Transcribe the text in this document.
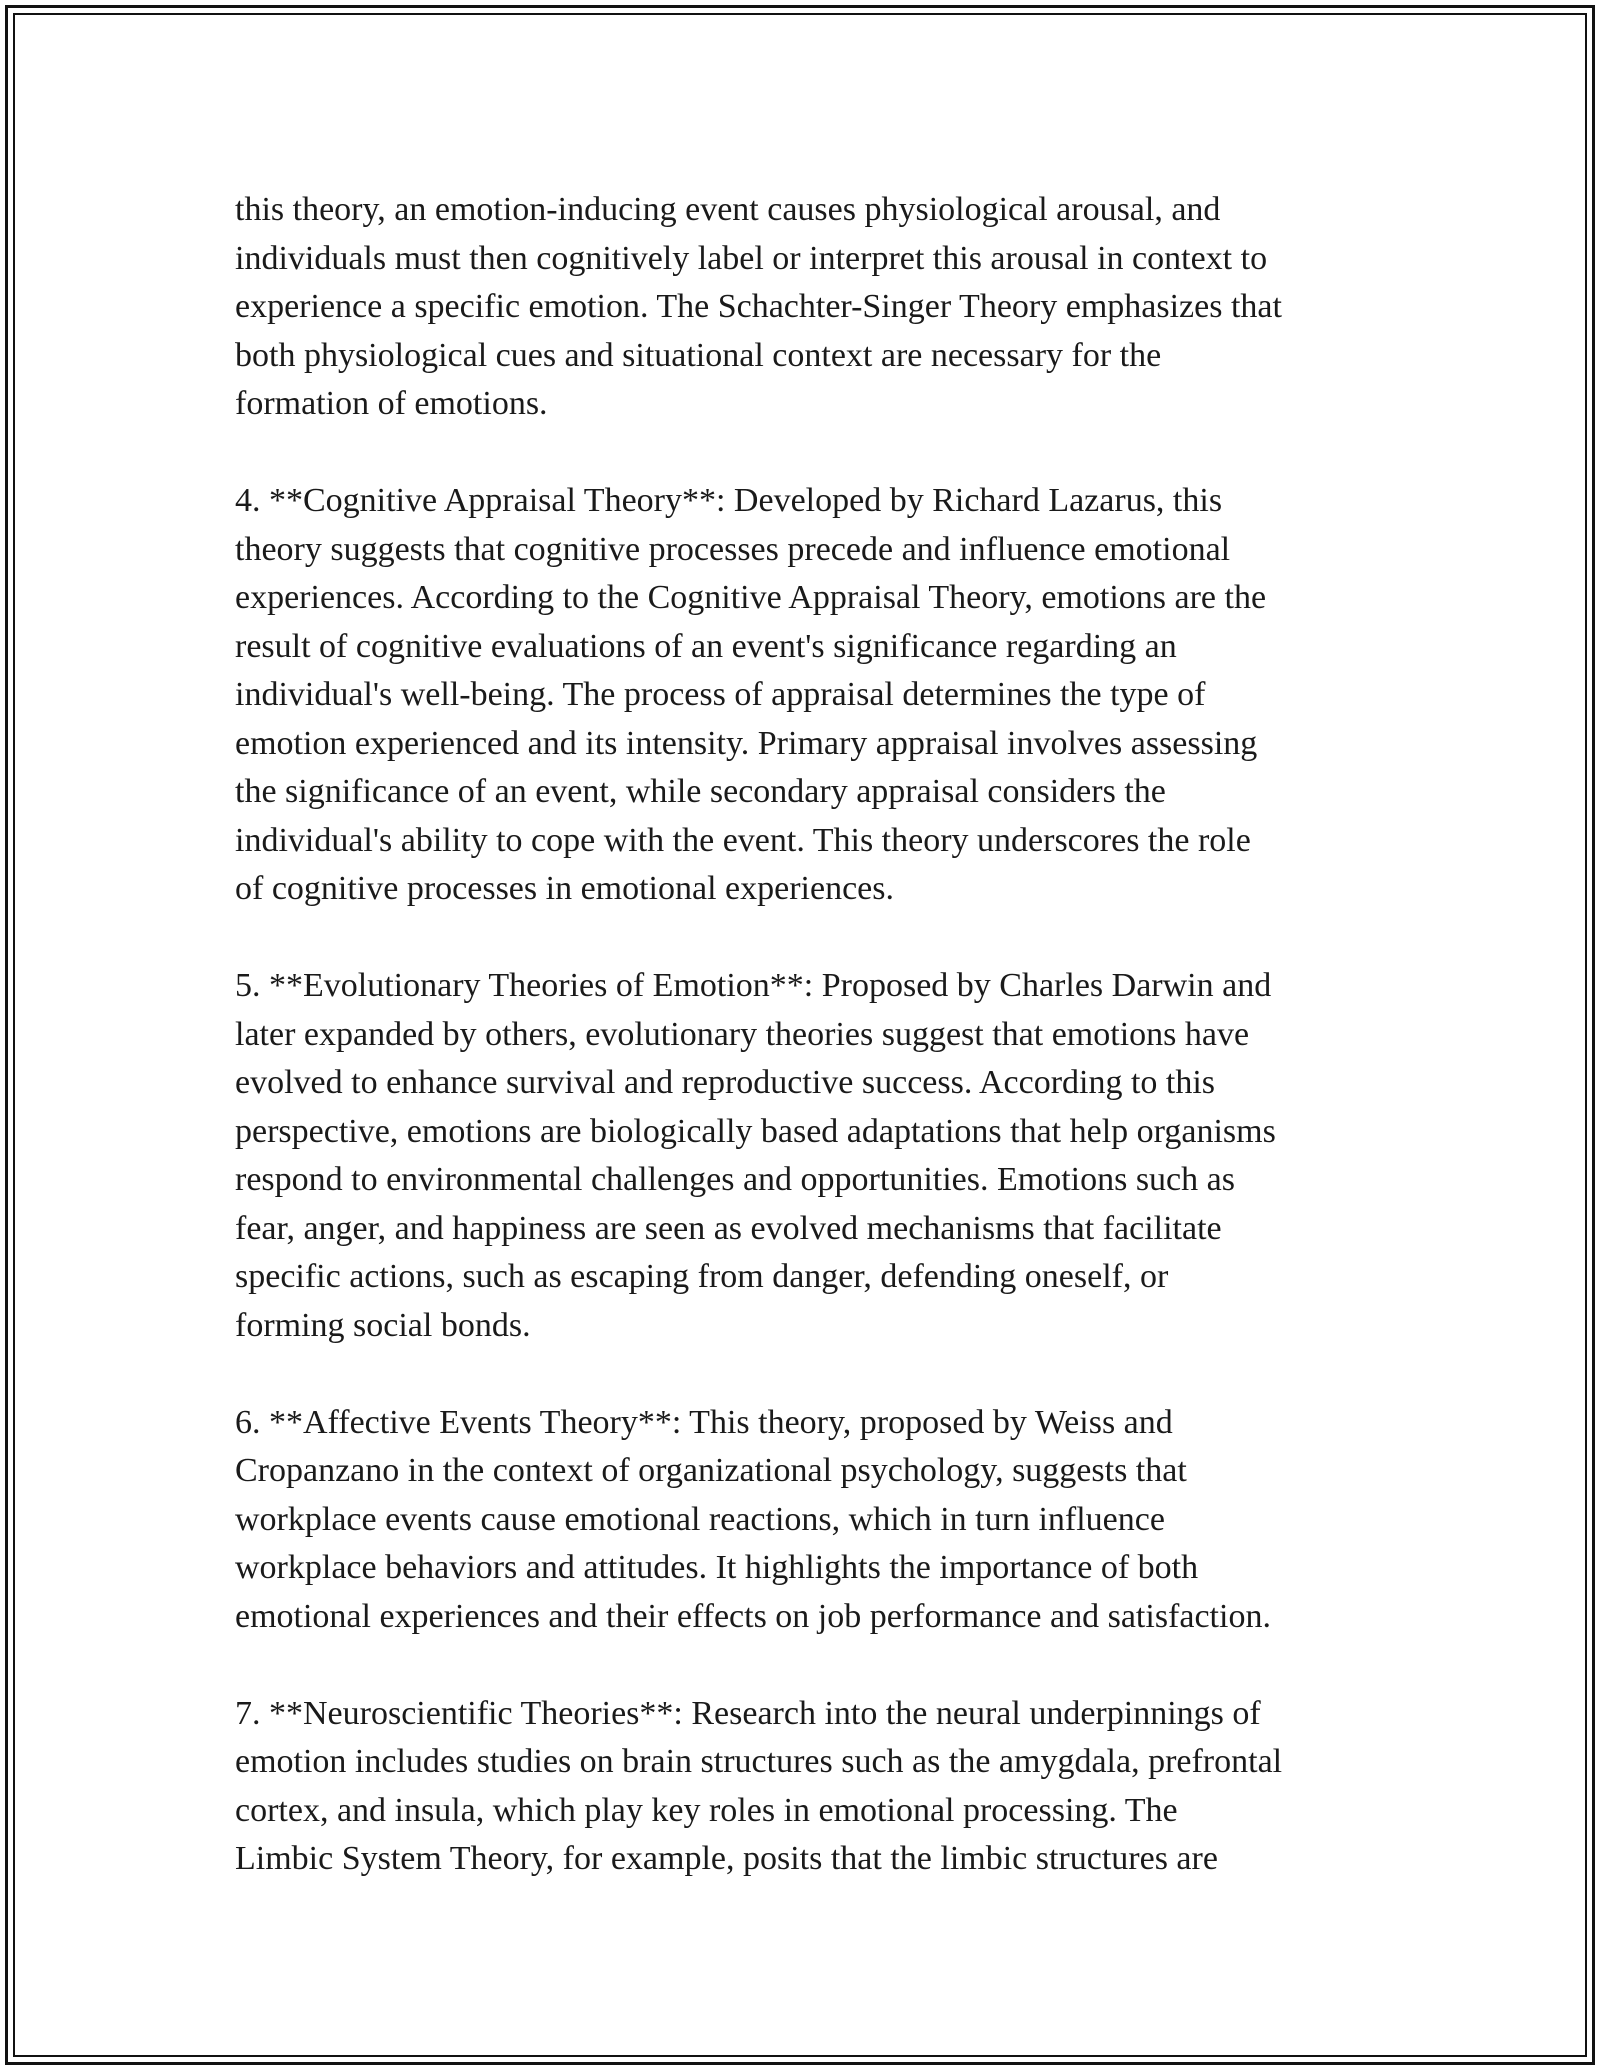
this theory, an emotion-inducing event causes physiological arousal, and
individuals must then cognitively label or interpret this arousal in context to
experience a specific emotion. The Schachter-Singer Theory emphasizes that
both physiological cues and situational context are necessary for the
formation of emotions.

4. **Cognitive Appraisal Theory**: Developed by Richard Lazarus, this
theory suggests that cognitive processes precede and influence emotional
experiences. According to the Cognitive Appraisal Theory, emotions are the
result of cognitive evaluations of an event's significance regarding an
individual's well-being. The process of appraisal determines the type of
emotion experienced and its intensity. Primary appraisal involves assessing
the significance of an event, while secondary appraisal considers the
individual's ability to cope with the event. This theory underscores the role
of cognitive processes in emotional experiences.

5. **Evolutionary Theories of Emotion**: Proposed by Charles Darwin and
later expanded by others, evolutionary theories suggest that emotions have
evolved to enhance survival and reproductive success. According to this
perspective, emotions are biologically based adaptations that help organisms
respond to environmental challenges and opportunities. Emotions such as
fear, anger, and happiness are seen as evolved mechanisms that facilitate
specific actions, such as escaping from danger, defending oneself, or
forming social bonds.

6. **Affective Events Theory**: This theory, proposed by Weiss and
Cropanzano in the context of organizational psychology, suggests that
workplace events cause emotional reactions, which in turn influence
workplace behaviors and attitudes. It highlights the importance of both
emotional experiences and their effects on job performance and satisfaction.

7. **Neuroscientific Theories**: Research into the neural underpinnings of
emotion includes studies on brain structures such as the amygdala, prefrontal
cortex, and insula, which play key roles in emotional processing. The
Limbic System Theory, for example, posits that the limbic structures are
